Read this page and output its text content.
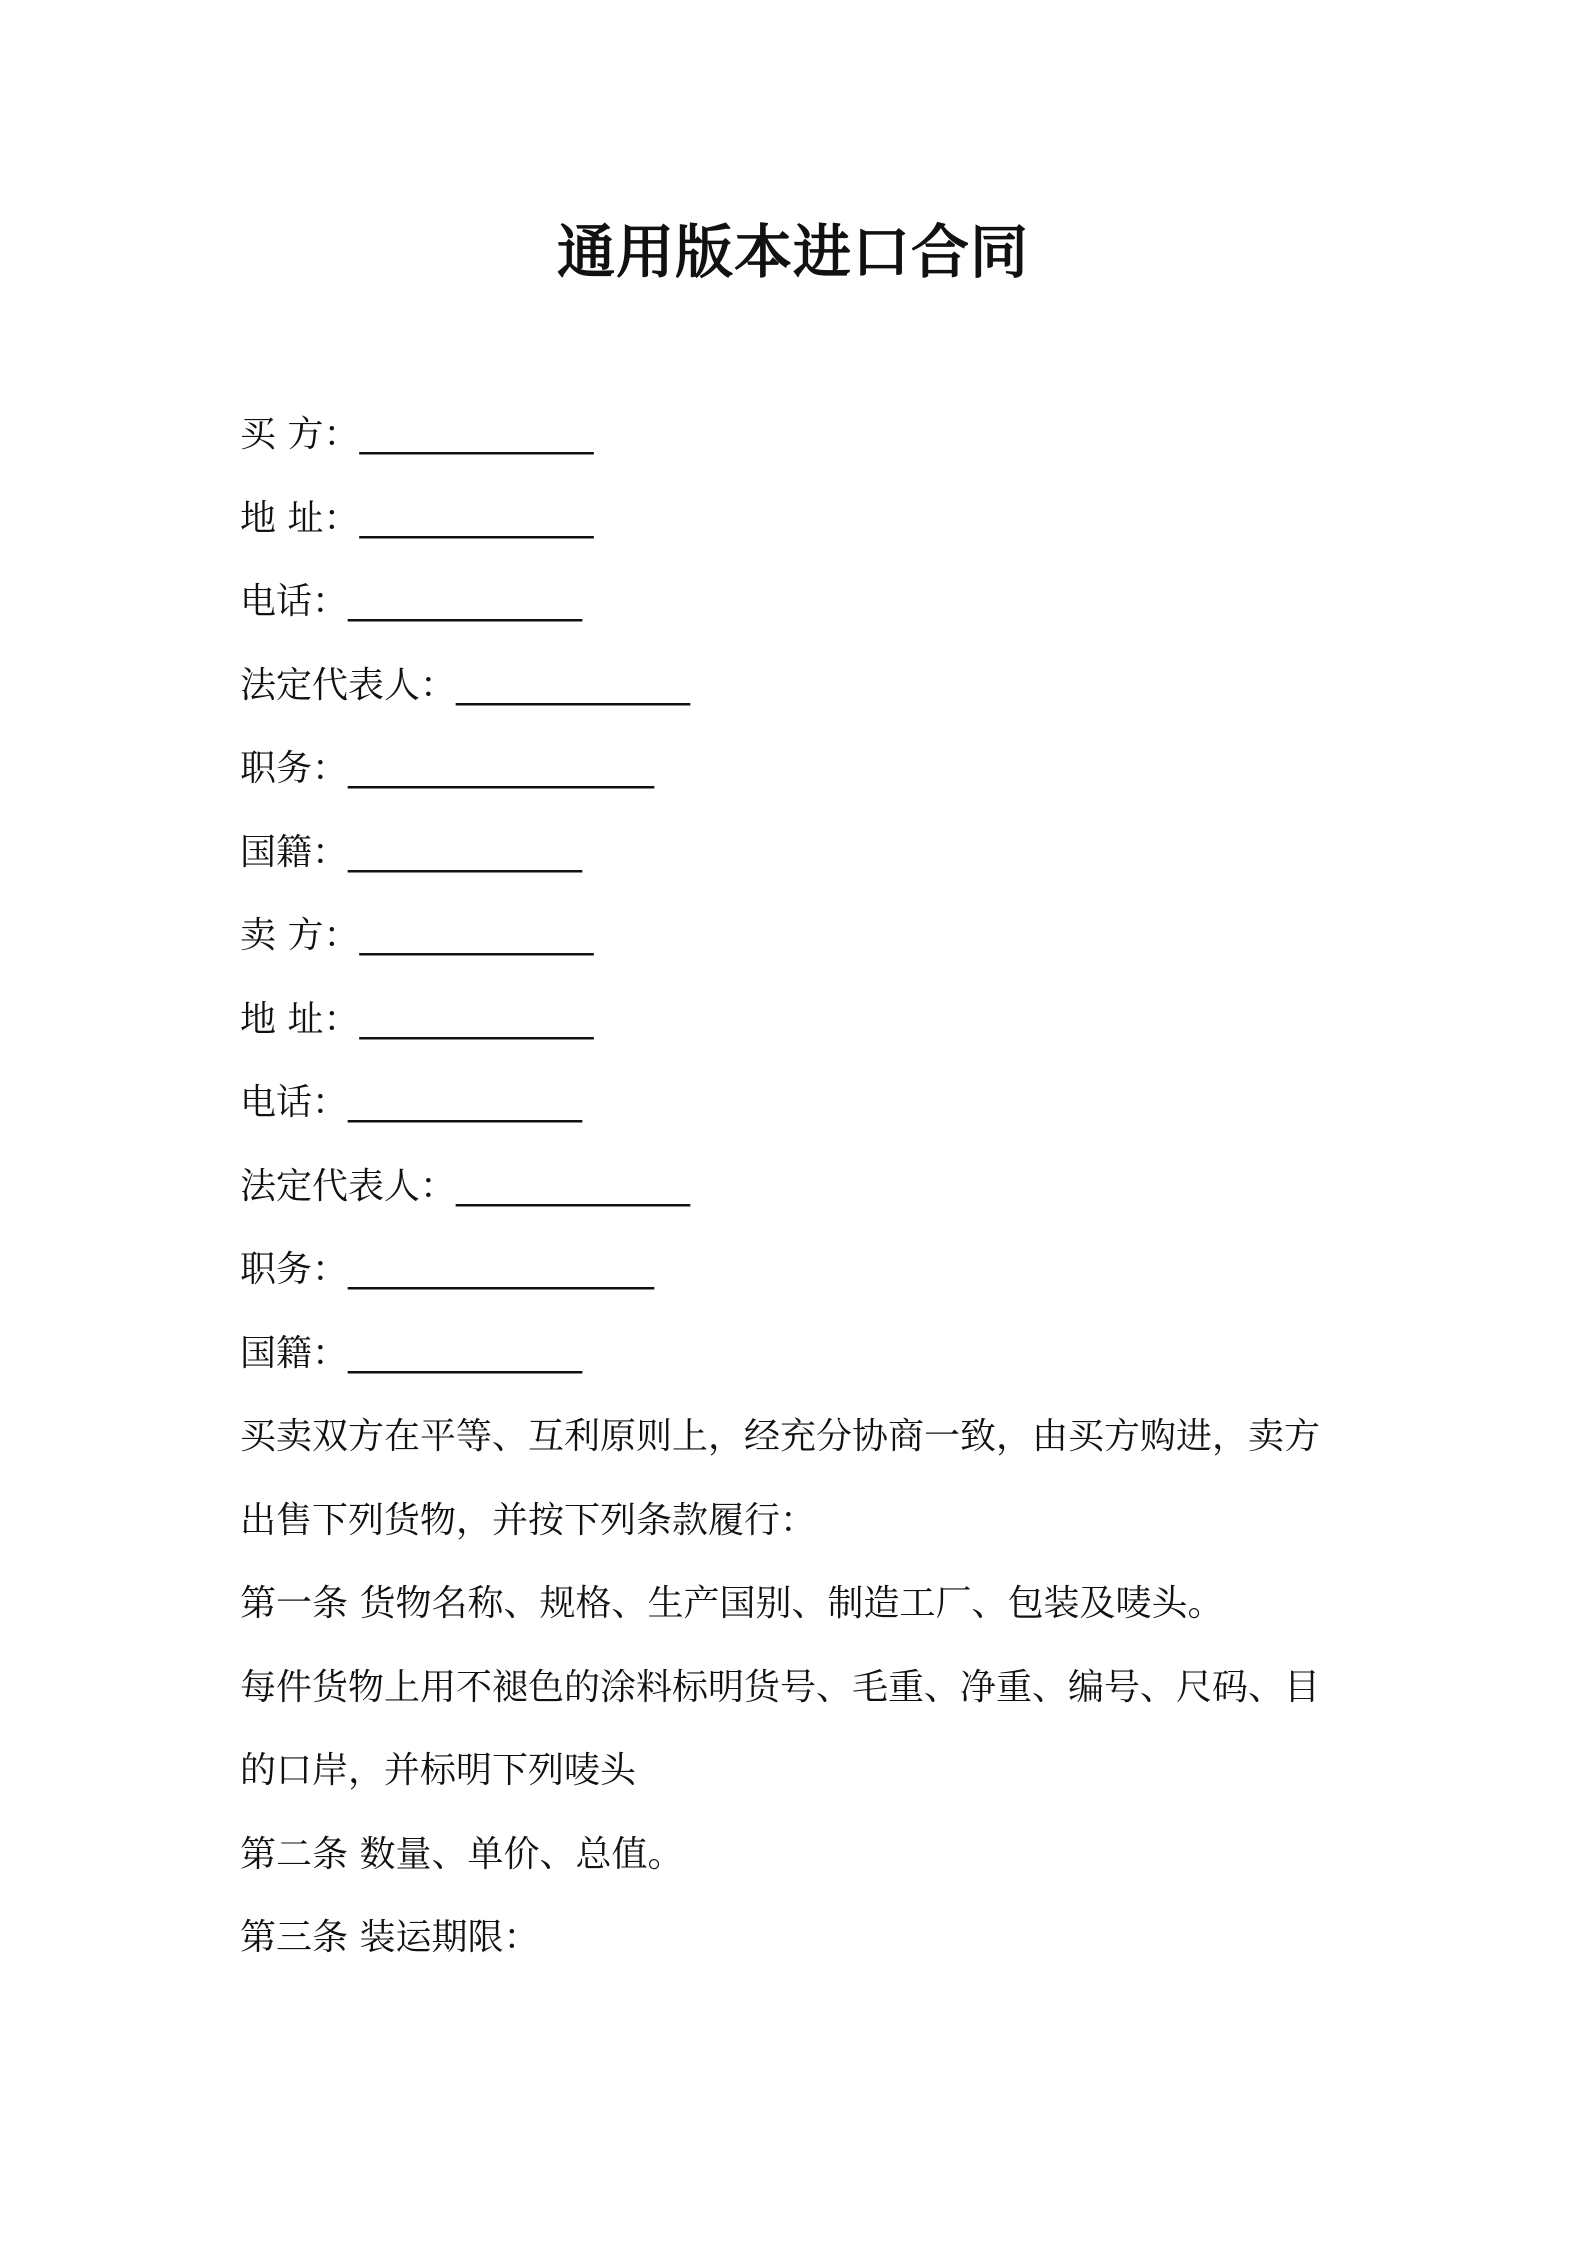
通用版本进口合同
买 方：_____________
地 址：_____________
电话：_____________
法定代表人：_____________
职务：_________________
国籍：_____________
卖 方：_____________
地 址：_____________
电话：_____________
法定代表人：_____________
职务：_________________
国籍：_____________
买卖双方在平等、互利原则上，经充分协商一致，由买方购进，卖方
出售下列货物，并按下列条款履行：
第一条 货物名称、规格、生产国别、制造工厂、包装及唛头。
每件货物上用不褪色的涂料标明货号、毛重、净重、编号、尺码、目
的口岸，并标明下列唛头
第二条 数量、单价、总值。
第三条 装运期限：
